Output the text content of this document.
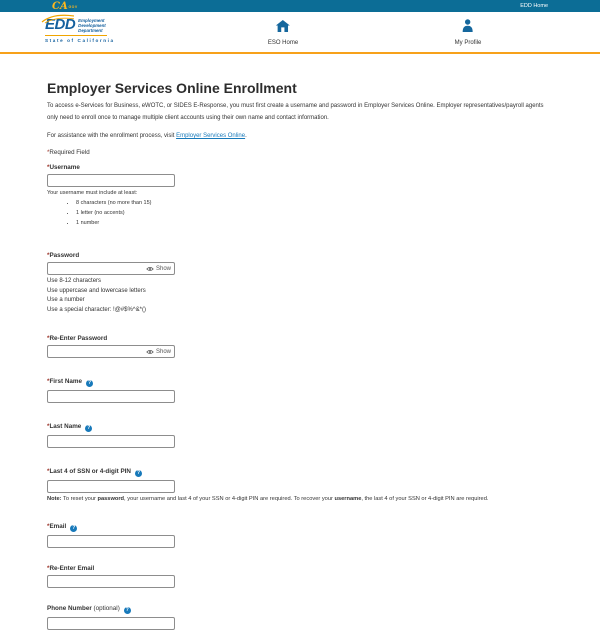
CA GOV	EDD Home
EDD Employment
Development
Department
State of California	ESO Home	My Profile
Employer Services Online Enrollment

To access e-Services for Business, eWOTC, or SIDES E-Response, you must first create a username and password in Employer Services Online. Employer representatives/payroll agents only need to enroll once to manage multiple client accounts using their own name and contact information.

For assistance with the enrollment process, visit Employer Services Online.

*Required Field

*Username

Your username must include at least:

• 8 characters (no more than 15)
• 1 letter (no accents)
• 1 number
*Password
Show

Use 8-12 characters

Use uppercase and lowercase letters

Use a number

Use a special character: !@#$%^&*()

*Re-Enter Password
Show
*First Name ?
*Last Name ?
*Last 4 of SSN or 4-digit PIN ?

Note: To reset your password, your username and last 4 of your SSN or 4-digit PIN are required. To recover your username, the last 4 of your SSN or 4-digit PIN are required.

*Email ?
*Re-Enter Email
Phone Number (optional) ?
